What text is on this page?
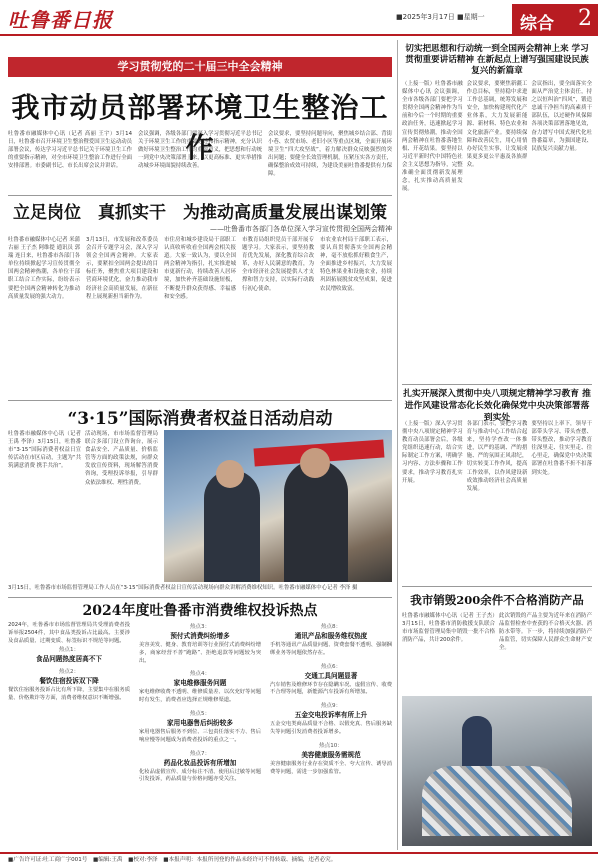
吐鲁番日报	■2025年3月17日 ■星期一 综合 2
学习贯彻党的二十届三中全会精神
我市动员部署环境卫生整治工作
吐鲁番市融媒体中心讯（记者 高丽 王宇）3月14日，吐鲁番市召开环境卫生整治暨爱国卫生运动动员部署会议，传达学习习近平总书记关于环境卫生工作的重要指示精神，对全市环境卫生整治工作进行全面安排部署。市委副书记、市长出席会议并讲话。
会议强调，各级各部门要深入学习贯彻习近平总书记关于环境卫生工作的重要论述和指示精神，充分认识做好环境卫生整治工作的重要意义，把思想和行动统一到党中央决策部署上来，以更高标准、更实举措推动城乡环境面貌持续改善。
会议要求，要坚持问题导向，聚焦城乡结合部、背街小巷、农贸市场、老旧小区等重点区域，全面开展环境卫生“四大攻坚战”，着力解决群众反映强烈的突出问题；要健全长效管理机制，压紧压实各方责任，确保整治成效可持续，为建设美丽吐鲁番提供有力保障。
立足岗位　真抓实干　为推动高质量发展出谋划策
——吐鲁番市各部门各单位深入学习宣传贯彻全国两会精神
吐鲁番市融媒体中心记者 米蒲古丽 王子杰 阿维提 通讯员 郭瑞 连日来，吐鲁番市各部门各单位持续掀起学习宣传贯彻全国两会精神热潮，各单位干部职工结合工作实际，纷纷表示要把全国两会精神转化为推动高质量发展的强大动力。
3月13日，市发展和改革委员会召开专题学习会，深入学习领会全国两会精神。大家表示，要紧扣全国两会提出的目标任务，聚焦重大项目建设和营商环境优化，奋力推动我市经济社会高质量发展，在新征程上展现新担当新作为。
市住房和城乡建设局干部职工认真收听收看全国两会相关报道。大家一致认为，要以全国两会精神为指引，扎实推进城市更新行动，持续改善人居环境，加快补齐基础设施短板，不断提升群众获得感、幸福感和安全感。
市教育局组织党员干部开展专题学习。大家表示，要坚持教育优先发展，深化教育综合改革，办好人民满意的教育，为全市经济社会发展提供人才支撑和智力支持，以实际行动践行初心使命。
市农业农村局干部职工表示，要认真贯彻落实全国两会精神，毫不放松抓好粮食生产，全面推进乡村振兴，大力发展特色林果业和设施农业，持续巩固拓展脱贫攻坚成果，促进农民增收致富。
切实把思想和行动统一到全国两会精神上来 学习贯彻重要讲话精神 在新起点上谱写强国建设民族复兴的新篇章
（上接一版）吐鲁番市融媒体中心讯 会议强调，全市各级各部门要把学习贯彻全国两会精神作为当前和今后一个时期的重要政治任务，迅速掀起学习宣传贯彻热潮，推动全国两会精神在吐鲁番落地生根、开花结果。要坚持以习近平新时代中国特色社会主义思想为指导，完整准确全面贯彻新发展理念，扎实推动高质量发展。
会议要求，要聚焦新疆工作总目标，坚持稳中求进工作总基调，统筹发展和安全，加快构建现代化产业体系，大力发展新能源、新材料、特色农业和文化旅游产业。要持续保障和改善民生，用心用情办好民生实事，让发展成果更多更公平惠及各族群众。
会议指出，要全面落实全面从严治党主体责任，持之以恒纠治“四风”，锻造忠诚干净担当的高素质干部队伍，以过硬作风保障各项决策部署落地见效，奋力谱写中国式现代化吐鲁番篇章，为强国建设、民族复兴贡献力量。
扎实开展深入贯彻中央八项规定精神学习教育 推进作风建设常态化长效化确保党中央决策部署落到实处
（上接一版）深入学习贯彻中央八项规定精神学习教育动员部署会后，各级党组织迅速行动，结合实际制定工作方案，明确学习内容、方法步骤和工作要求，推动学习教育扎实开展。
各部门表示，要把学习教育与推动中心工作结合起来，坚持学查改一体推进，以严的基调、严的措施、严的氛围正风肃纪，切实转变工作作风，提高工作效率，以作风建设新成效推动经济社会高质量发展。
要坚持以上率下，领导干部带头学习、带头查摆、带头整改，推动学习教育往深里走、往实里走、往心里走，确保党中央决策部署在吐鲁番不折不扣落到实处。
“3·15”国际消费者权益日活动启动
吐鲁番市融媒体中心讯（记者 王禹 李泽）3月15日，吐鲁番市“3·15”国际消费者权益日宣传活动在市区启动，主题为“共筑满意消费 携手共治”。
活动现场，市市场监督管理局联合多部门设立咨询台，展示食品安全、产品质量、价格监管等方面的政策法规，向群众发放宣传资料，现场解答消费咨询，受理投诉举报，引导群众依法维权、理性消费。
3月15日，吐鲁番市市场监督管理局工作人员在“3·15”国际消费者权益日宣传活动现场向群众讲解消费维权知识。吐鲁番市融媒体中心记者 李泽 摄
2024年度吐鲁番市消费维权投诉热点
2024年，吐鲁番市市场监督管理局共受理消费者投诉举报2504件，其中食品类投诉占比最高。主要涉及食品质量、过期变质、标签标识不规范等问题。
热点1：
食品问题热度居高不下
热点2：
餐饮住宿投诉双下降
餐饮住宿服务投诉占比有所下降，主要集中在服务质量、价格欺诈等方面，消费者维权意识不断增强。
热点3：
预付式消费纠纷增多
美容美发、健身、教育培训等行业预付式消费纠纷增多，商家经营不善“跑路”、拒绝退款等问题较为突出。
热点4：
家电维修服务问题
家电维修收费不透明、维修质量差、以次充好等问题时有发生，消费者应选择正规维修渠道。
热点5：
家用电器售后纠纷较多
家用电器售后服务不到位、三包责任落实不力、售后响应慢等问题成为消费者投诉的重点之一。
热点7：
药品化妆品投诉有所增加
化妆品虚假宣传、成分标注不清、使用后过敏等问题引发投诉，药品质量与价格问题亦受关注。
热点8：
通讯产品和服务维权热度
手机等通讯产品质量问题、资费套餐不透明、强制捆绑业务等问题依然存在。
热点6：
交通工具问题显著
汽车销售及维修环节存在隐瞒车况、虚假宣传、收费不合理等问题，新能源汽车投诉有所增加。
热点9：
五金交电投诉率有所上升
五金交电类商品质量不合格、以假充真、售后服务缺失等问题引发消费者投诉增多。
热点10：
美容健康服务需规范
美容健康服务行业存在资质不全、夸大宣传、诱导消费等问题，需进一步加强监管。
我市销毁200余件不合格消防产品
吐鲁番市融媒体中心讯（记者 王子杰）3月15日，吐鲁番市消防救援支队联合市市场监督管理局集中销毁一批不合格消防产品，共计200余件。
此次销毁的产品主要为近年来在消防产品监督检查中查获的不合格灭火器、消防水带等。下一步，将持续加强消防产品监管，切实保障人民群众生命财产安全。
■广告许可证:吐工商广字001号　■编辑:王禹　■校对:李泽　■本报声明：本报所刊登的作品未经许可不得转载、摘编，违者必究。
